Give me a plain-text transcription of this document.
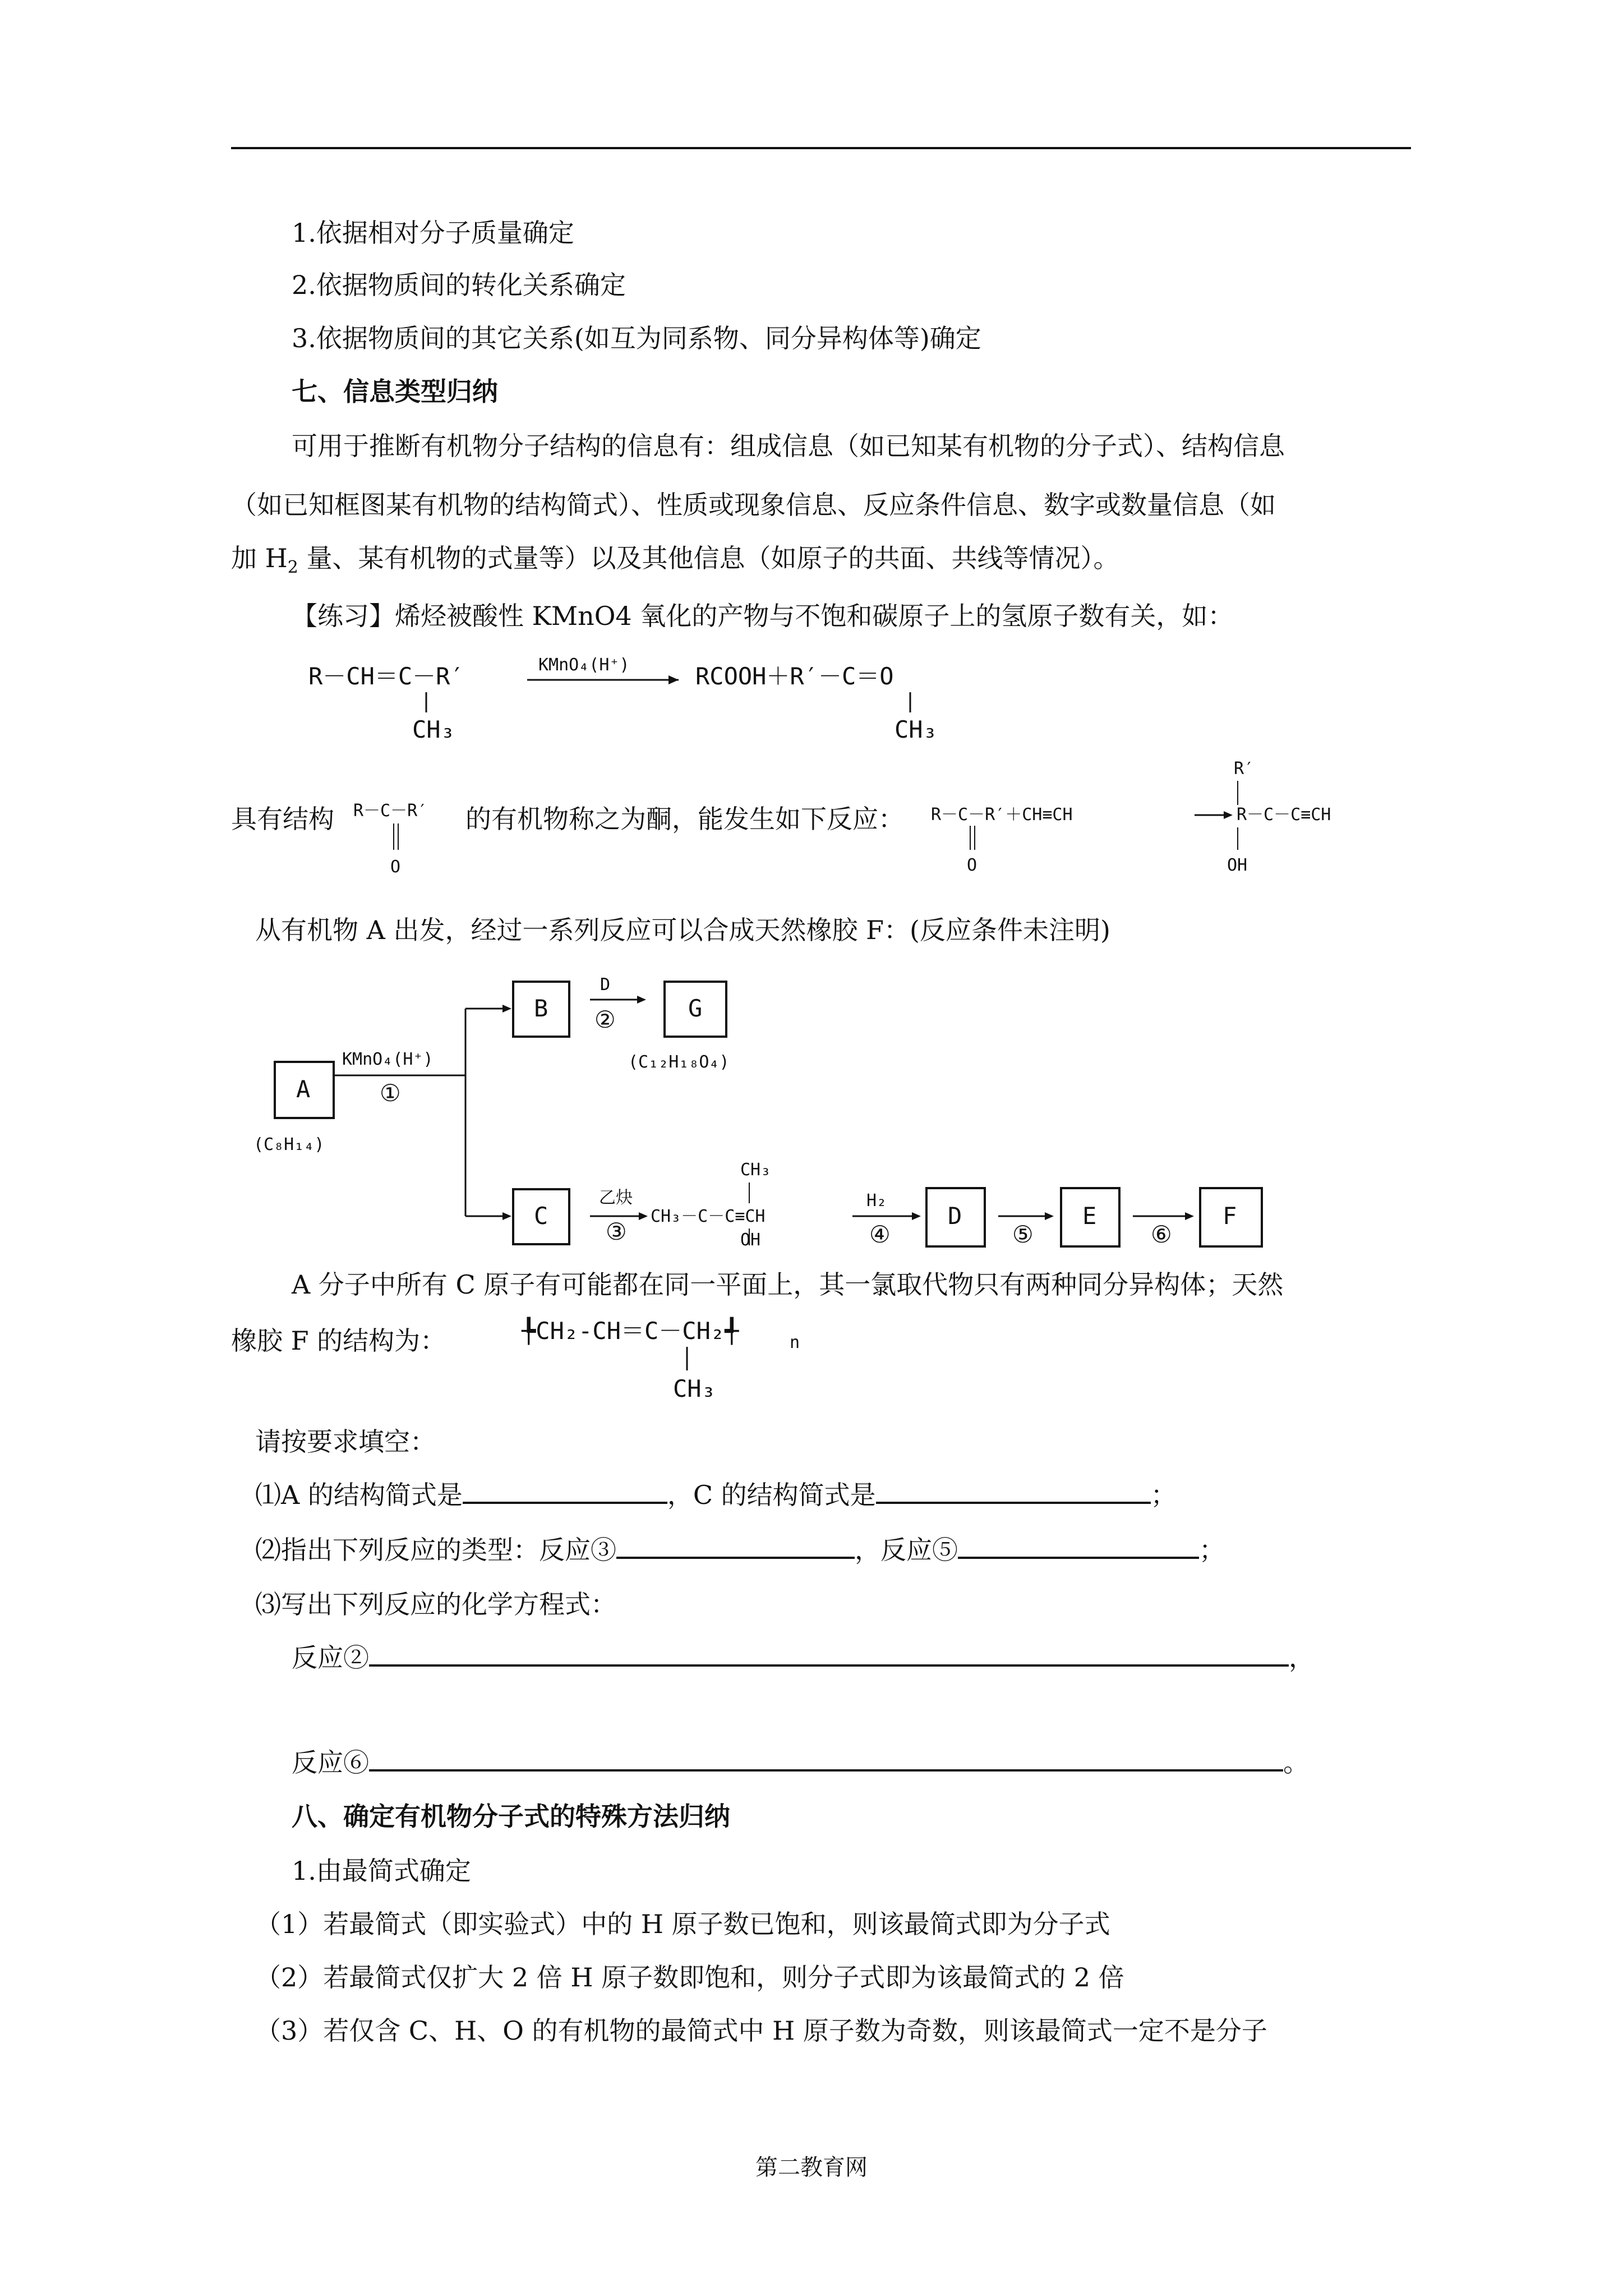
1.依据相对分子质量确定
2.依据物质间的转化关系确定
3.依据物质间的其它关系(如互为同系物、同分异构体等)确定
七、信息类型归纳
可用于推断有机物分子结构的信息有：组成信息（如已知某有机物的分子式）、结构信息
（如已知框图某有机物的结构简式）、性质或现象信息、反应条件信息、数字或数量信息（如
加 $H_2$ 量、某有机物的式量等）以及其他信息（如原子的共面、共线等情况）。
【练习】烯烃被酸性 KMnO4 氧化的产物与不饱和碳原子上的氢原子数有关，如：
R－CH＝C－R′
CH₃
KMnO₄(H⁺)	RCOOH＋R′－C＝O
CH₃
具有结构 R－C－R′
O
的有机物称之为酮，能发生如下反应： R－C－R′＋CH≡CH
O
R－C－C≡CH
R′
OH
从有机物 A 出发，经过一系列反应可以合成天然橡胶 F：(反应条件未注明)
A
(C₈H₁₄)
KMnO₄(H⁺)
①
B
D
②	G
(C₁₂H₁₈O₄)
C
乙炔
③
CH₃
CH₃－C－C≡CH
OH
H₂
④
D
⑤
E
⑥
F
A 分子中所有 C 原子有可能都在同一平面上，其一氯取代物只有两种同分异构体；天然
橡胶 F 的结构为：	╄CH₂-CH＝C－CH₂╃	n
CH₃
请按要求填空：
⑴A 的结构简式是	，C 的结构简式是	；
⑵指出下列反应的类型：反应③	，反应⑤	；
⑶写出下列反应的化学方程式：
反应②	，
反应⑥	。
八、确定有机物分子式的特殊方法归纳
1.由最简式确定
（1）若最简式（即实验式）中的 H 原子数已饱和，则该最简式即为分子式
（2）若最简式仅扩大 2 倍 H 原子数即饱和，则分子式即为该最简式的 2 倍
（3）若仅含 C、H、O 的有机物的最简式中 H 原子数为奇数，则该最简式一定不是分子
第二教育网
